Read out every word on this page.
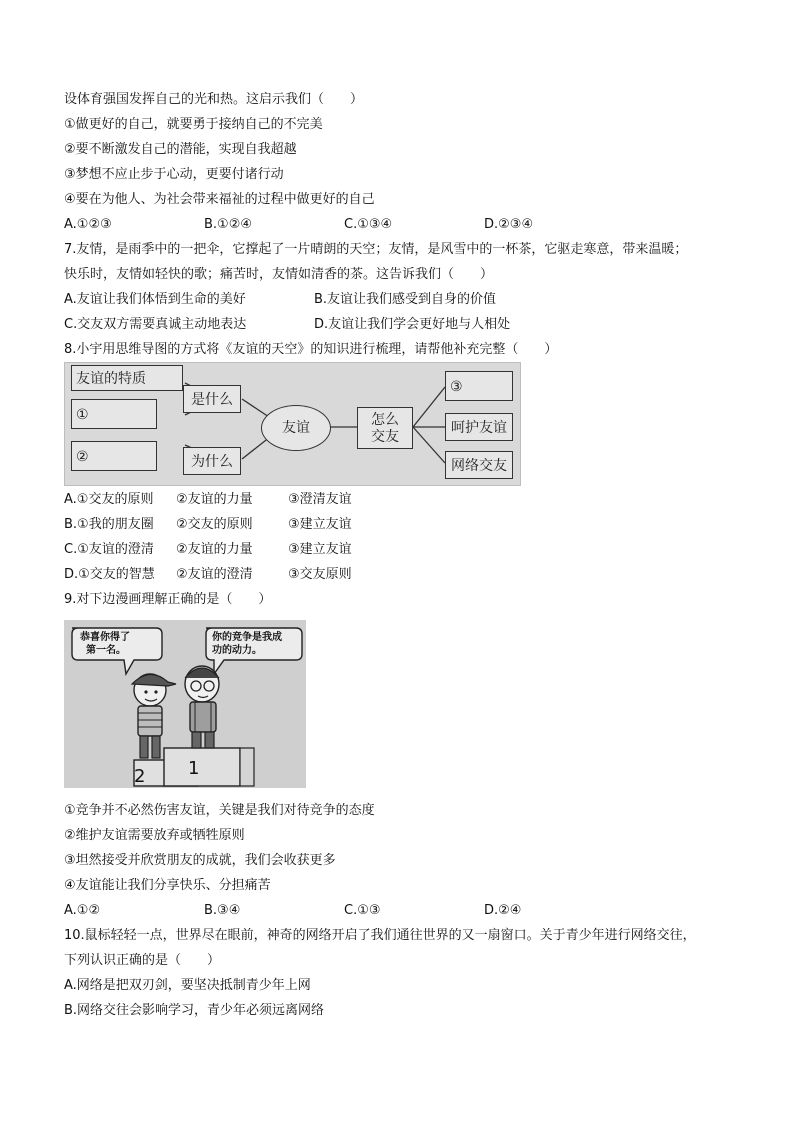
设体育强国发挥自己的光和热。这启示我们（　　）
①做更好的自己，就要勇于接纳自己的不完美
②要不断激发自己的潜能，实现自我超越
③梦想不应止步于心动，更要付诸行动
④要在为他人、为社会带来福祉的过程中做更好的自己
A.①②③	B.①②④	C.①③④	D.②③④
7.友情，是雨季中的一把伞，它撑起了一片晴朗的天空；友情，是风雪中的一杯茶，它驱走寒意，带来温暖；
快乐时，友情如轻快的歌；痛苦时，友情如清香的茶。这告诉我们（　　）
A.友谊让我们体悟到生命的美好	B.友谊让我们感受到自身的价值
C.交友双方需要真诚主动地表达	D.友谊让我们学会更好地与人相处
8.小宇用思维导图的方式将《友谊的天空》的知识进行梳理，请帮他补充完整（　　）
友谊的特质
①
是什么
②	为什么
友谊	怎么
交友
③
呵护友谊
网络交友
A.①交友的原则 ②友谊的力量	③澄清友谊
B.①我的朋友圈 ②交友的原则	③建立友谊
C.①友谊的澄清 ②友谊的力量	③建立友谊
D.①交友的智慧 ②友谊的澄清	③交友原则
9.对下边漫画理解正确的是（　　）
恭喜你得了
第一名。
你的竞争是我成
功的动力。
2 1
①竞争并不必然伤害友谊，关键是我们对待竞争的态度
②维护友谊需要放弃或牺牲原则
③坦然接受并欣赏朋友的成就，我们会收获更多
④友谊能让我们分享快乐、分担痛苦
A.①②	B.③④	C.①③	D.②④
10.鼠标轻轻一点，世界尽在眼前，神奇的网络开启了我们通往世界的又一扇窗口。关于青少年进行网络交往，
下列认识正确的是（　　）
A.网络是把双刃剑，要坚决抵制青少年上网
B.网络交往会影响学习，青少年必须远离网络
